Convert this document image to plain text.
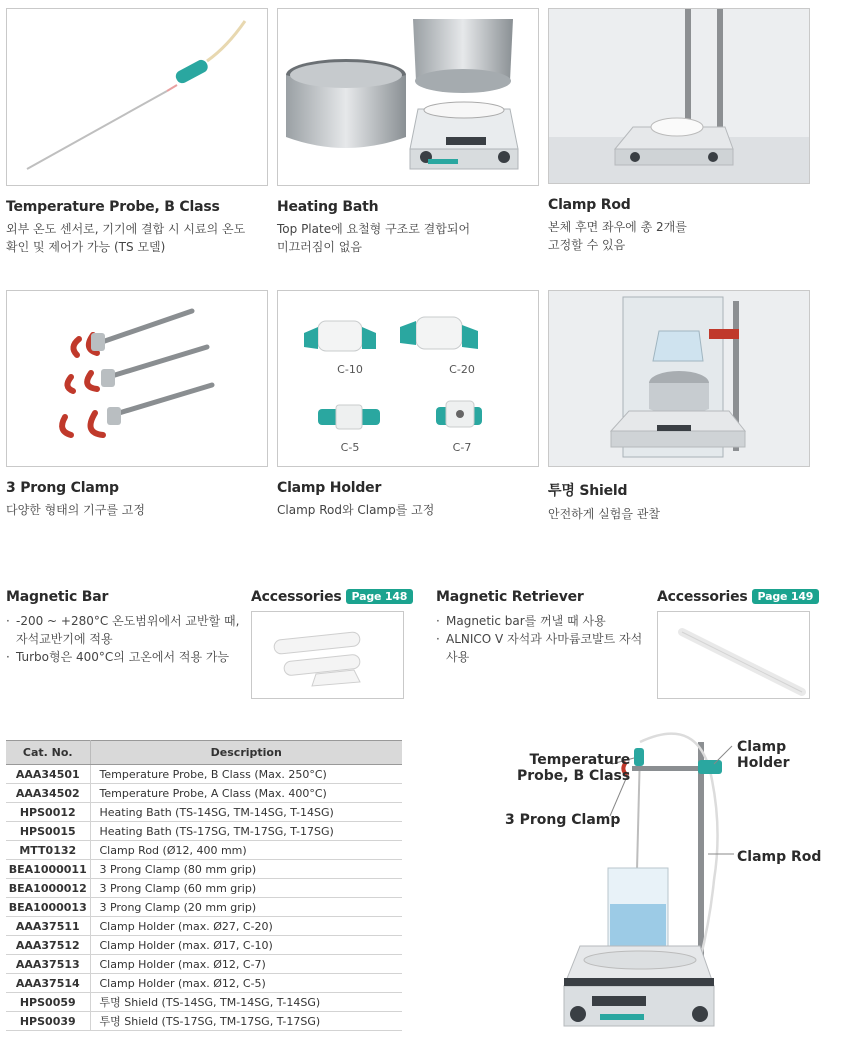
Temperature Probe, B Class
외부 온도 센서로, 기기에 결합 시 시료의 온도
확인 및 제어가 가능 (TS 모델)
Heating Bath
Top Plate에 요철형 구조로 결합되어
미끄러짐이 없음
Clamp Rod
본체 후면 좌우에 총 2개를
고정할 수 있음
3 Prong Clamp
다양한 형태의 기구를 고정
C-10	C-20
C-5	C-7
Clamp Holder
Clamp Rod와 Clamp를 고정
투명 Shield
안전하게 실험을 관찰
Magnetic Bar
· -200 ~ +280°C 온도범위에서 교반할 때,
자석교반기에 적용
· Turbo형은 400°C의 고온에서 적용 가능
Accessories Page 148	Magnetic Retriever
· Magnetic bar를 꺼낼 때 사용
· ALNICO V 자석과 사마륨코발트 자석
사용
Accessories Page 149
Cat. No.	Description
AAA34501	Temperature Probe, B Class (Max. 250°C)
AAA34502	Temperature Probe, A Class (Max. 400°C)
HPS0012	Heating Bath (TS-14SG, TM-14SG, T-14SG)
HPS0015	Heating Bath (TS-17SG, TM-17SG, T-17SG)
MTT0132	Clamp Rod (Ø12, 400 mm)
BEA1000011	3 Prong Clamp (80 mm grip)
BEA1000012	3 Prong Clamp (60 mm grip)
BEA1000013	3 Prong Clamp (20 mm grip)
AAA37511	Clamp Holder (max. Ø27, C-20)
AAA37512	Clamp Holder (max. Ø17, C-10)
AAA37513	Clamp Holder (max. Ø12, C-7)
AAA37514	Clamp Holder (max. Ø12, C-5)
HPS0059	투명 Shield (TS-14SG, TM-14SG, T-14SG)
HPS0039	투명 Shield (TS-17SG, TM-17SG, T-17SG)
Temperature
Probe, B Class
Clamp Holder
3 Prong Clamp
Clamp Rod
